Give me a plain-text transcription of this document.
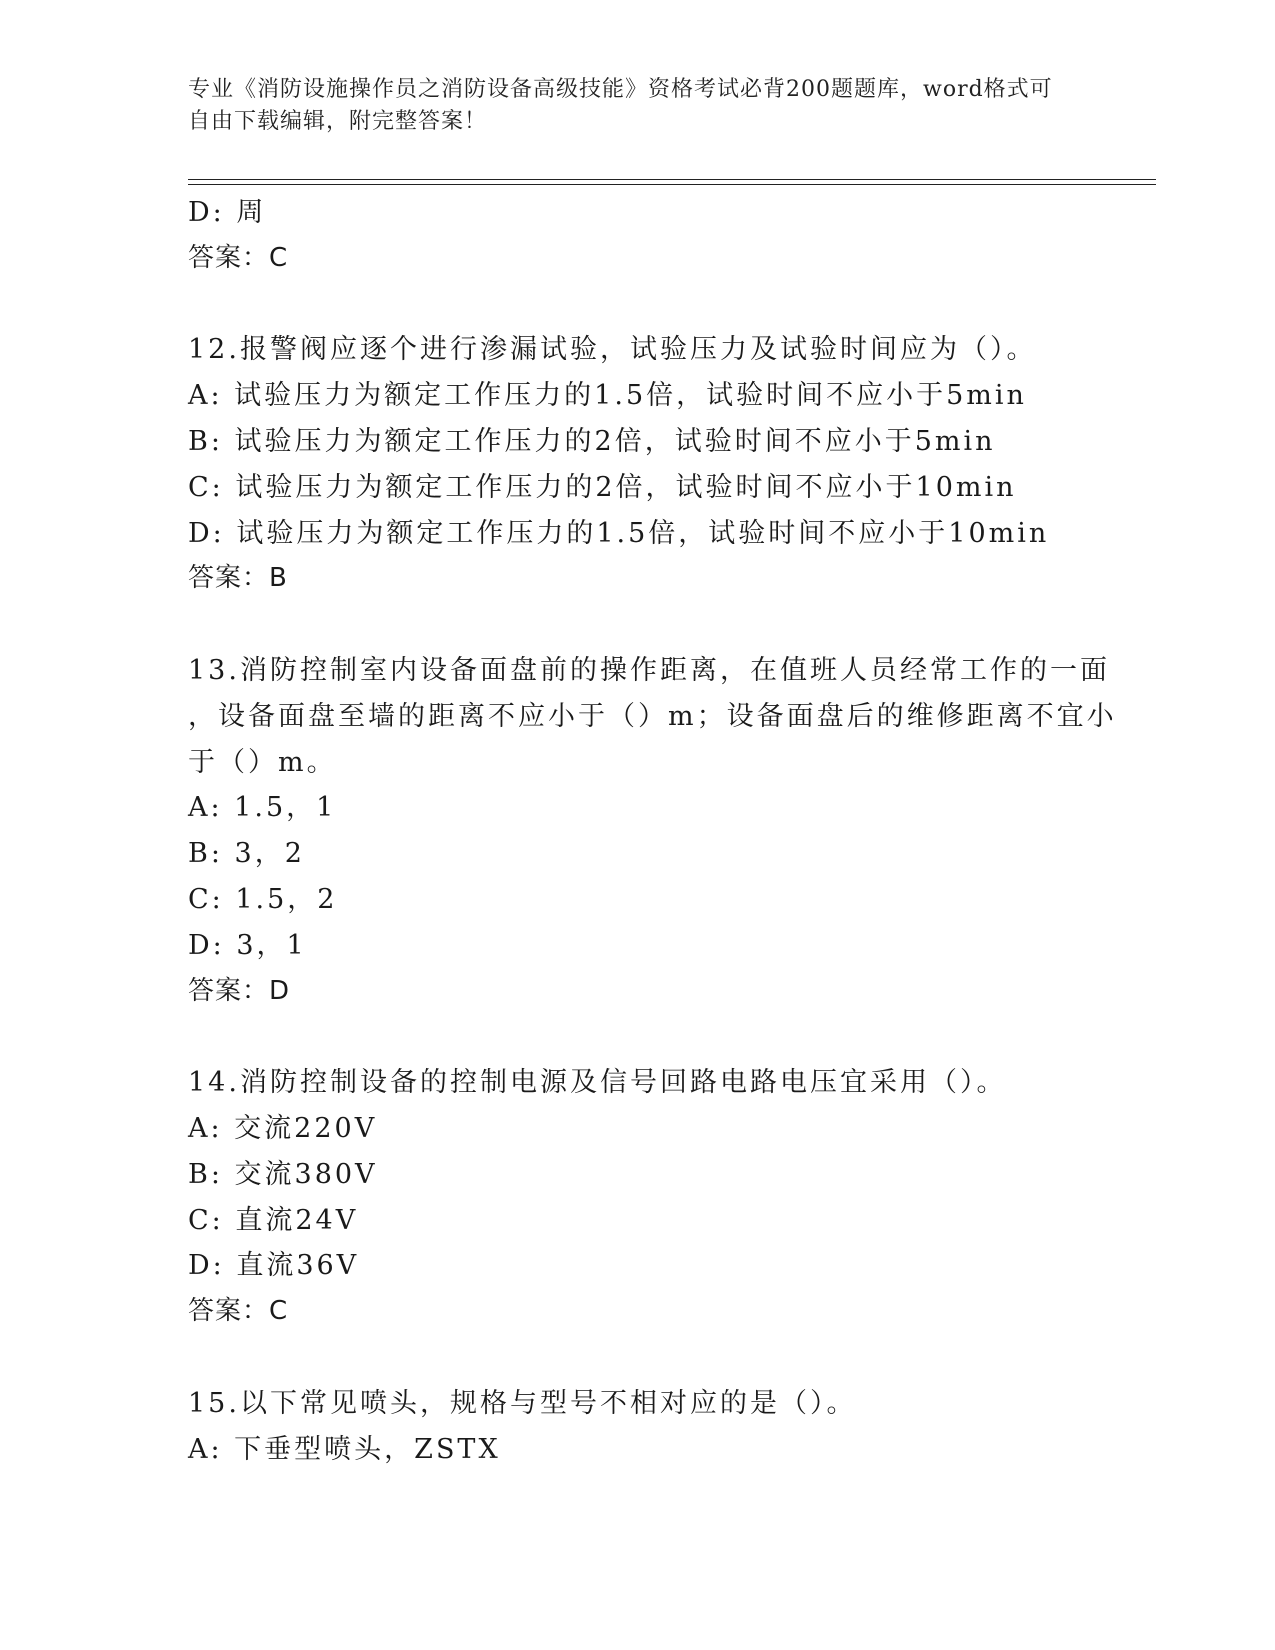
专业《消防设施操作员之消防设备高级技能》资格考试必背200题题库，word格式可自由下载编辑，附完整答案！
D: 周
答案：C
12.报警阀应逐个进行渗漏试验，试验压力及试验时间应为（）。
A: 试验压力为额定工作压力的1.5倍，试验时间不应小于5min
B: 试验压力为额定工作压力的2倍，试验时间不应小于5min
C: 试验压力为额定工作压力的2倍，试验时间不应小于10min
D: 试验压力为额定工作压力的1.5倍，试验时间不应小于10min
答案：B
13.消防控制室内设备面盘前的操作距离，在值班人员经常工作的一面
，设备面盘至墙的距离不应小于（）m；设备面盘后的维修距离不宜小
于（）m。
A: 1.5，1
B: 3，2
C: 1.5，2
D: 3，1
答案：D
14.消防控制设备的控制电源及信号回路电路电压宜采用（）。
A: 交流220V
B: 交流380V
C: 直流24V
D: 直流36V
答案：C
15.以下常见喷头，规格与型号不相对应的是（）。
A: 下垂型喷头，ZSTX
